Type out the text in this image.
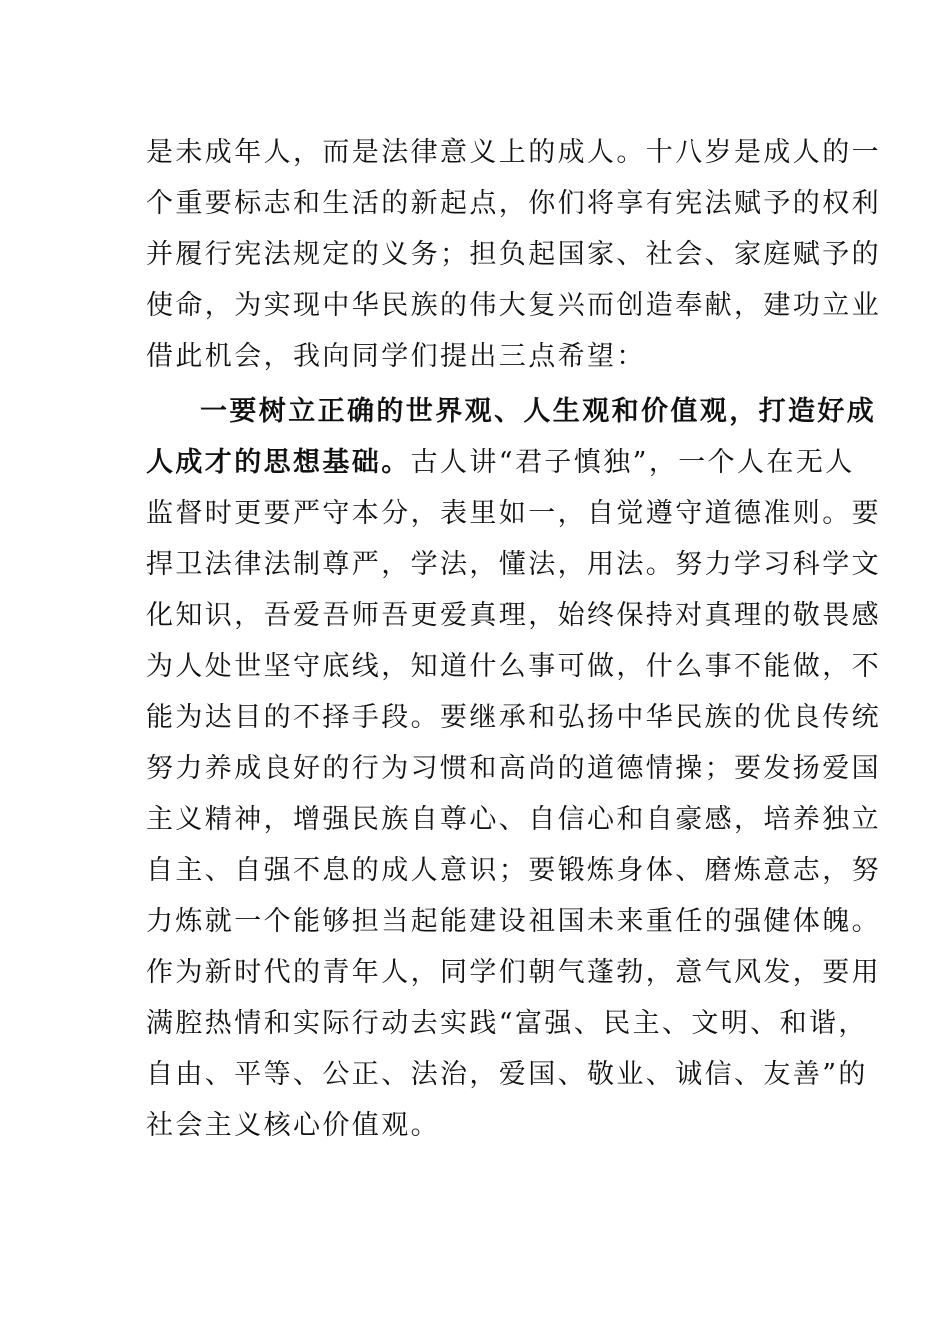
是未成年人，而是法律意义上的成人。十八岁是成人的一
个重要标志和生活的新起点，你们将享有宪法赋予的权利
并履行宪法规定的义务；担负起国家、社会、家庭赋予的
使命，为实现中华民族的伟大复兴而创造奉献，建功立业
借此机会，我向同学们提出三点希望：
一要树立正确的世界观、人生观和价值观，打造好成
人成才的思想基础。古人讲“君子慎独”，一个人在无人
监督时更要严守本分，表里如一，自觉遵守道德准则。要
捍卫法律法制尊严，学法，懂法，用法。努力学习科学文
化知识，吾爱吾师吾更爱真理，始终保持对真理的敬畏感
为人处世坚守底线，知道什么事可做，什么事不能做，不
能为达目的不择手段。要继承和弘扬中华民族的优良传统
努力养成良好的行为习惯和高尚的道德情操；要发扬爱国
主义精神，增强民族自尊心、自信心和自豪感，培养独立
自主、自强不息的成人意识；要锻炼身体、磨炼意志，努
力炼就一个能够担当起能建设祖国未来重任的强健体魄。
作为新时代的青年人，同学们朝气蓬勃，意气风发，要用
满腔热情和实际行动去实践“富强、民主、文明、和谐，
自由、平等、公正、法治，爱国、敬业、诚信、友善”的
社会主义核心价值观。
